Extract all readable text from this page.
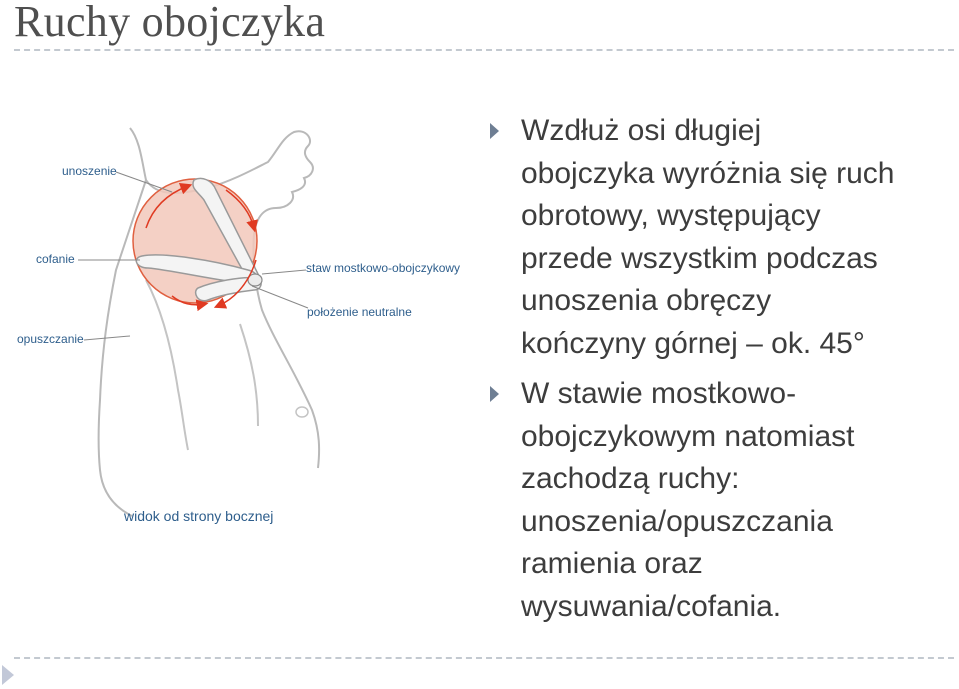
Ruchy obojczyka
unoszenie
cofanie
opuszczanie
staw mostkowo-obojczykowy
położenie neutralne
widok od strony bocznej
Wzdłuż osi długiej
obojczyka wyróżnia się ruch
obrotowy, występujący
przede wszystkim podczas
unoszenia obręczy
kończyny górnej – ok. 45°
W stawie mostkowo-
obojczykowym natomiast
zachodzą ruchy:
unoszenia/opuszczania
ramienia oraz
wysuwania/cofania.
